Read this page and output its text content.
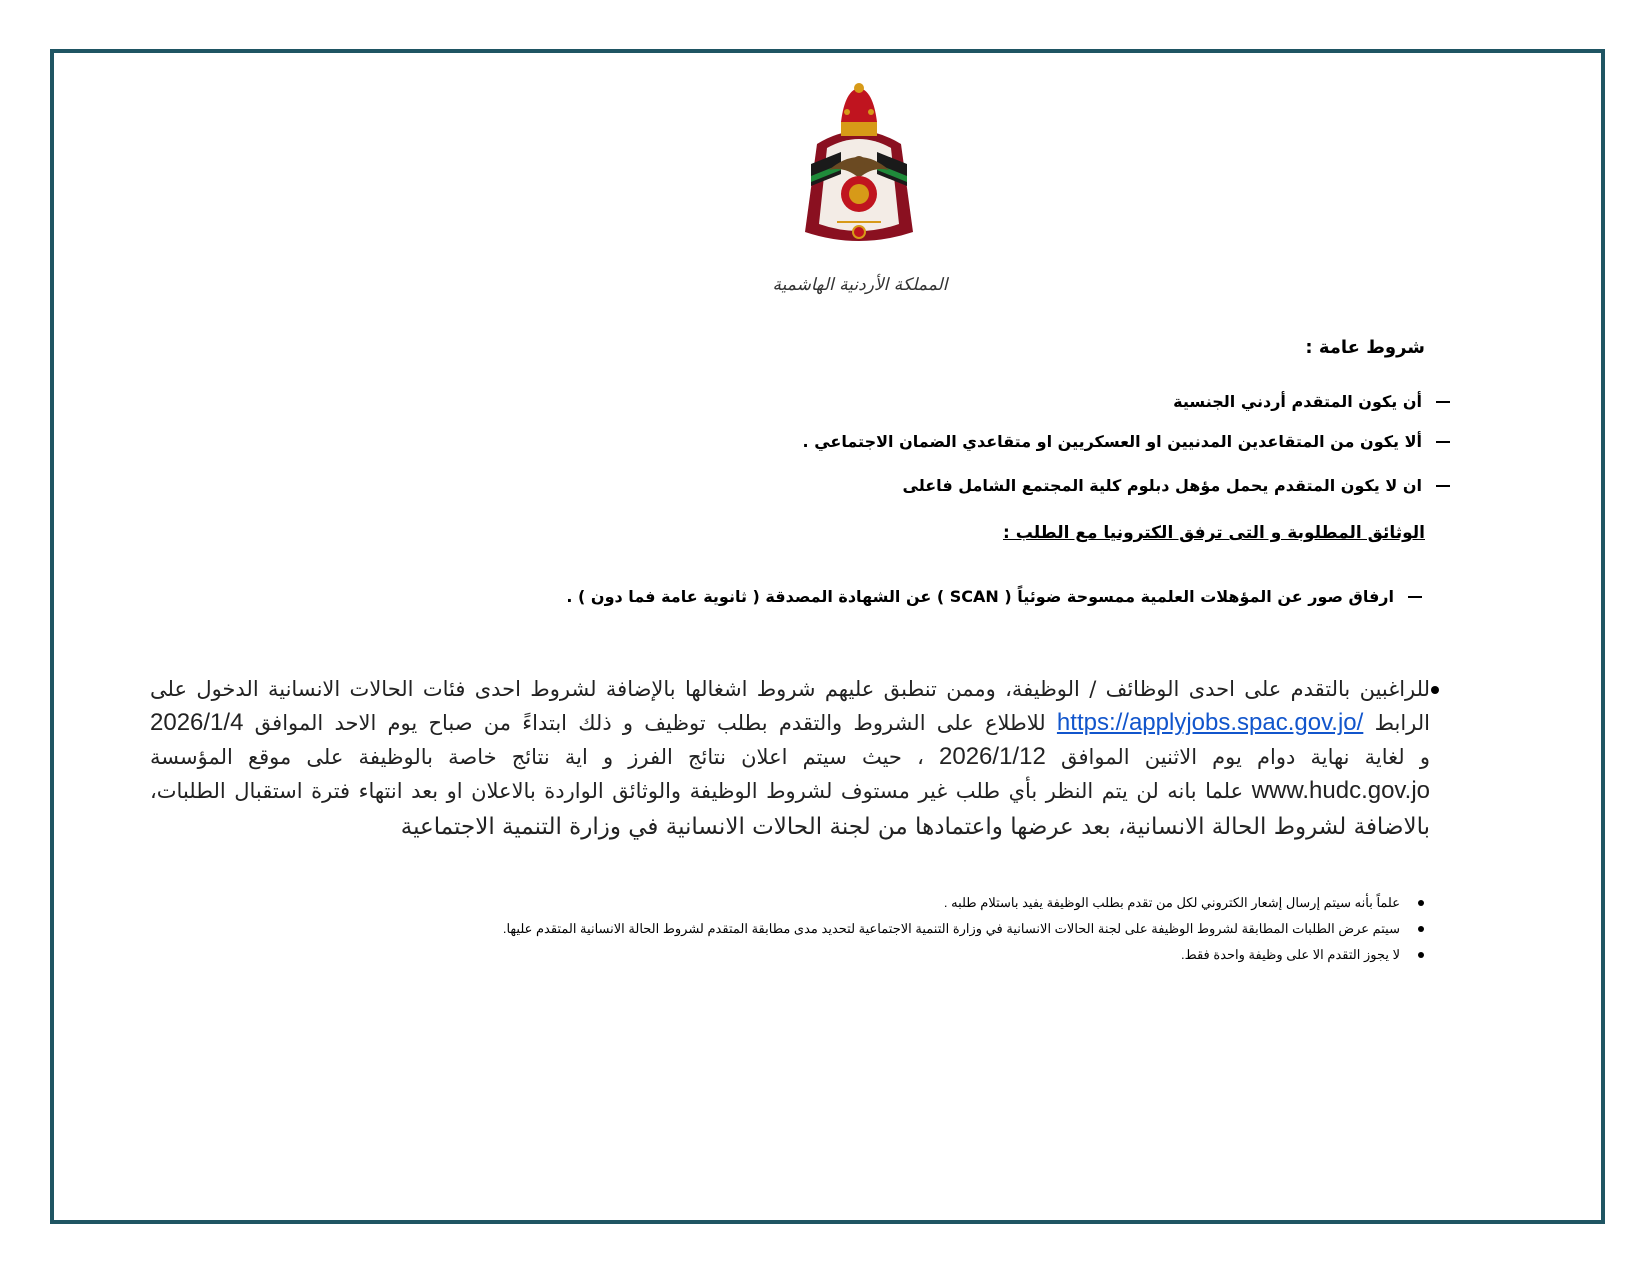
المملكة الأردنية الهاشمية
شروط عامة :
أن يكون المتقدم أردني الجنسية
ألا يكون من المتقاعدين المدنيين او العسكريين او متقاعدي الضمان الاجتماعي .
ان لا يكون المتقدم يحمل مؤهل دبلوم كلية المجتمع الشامل فاعلى
الوثائق المطلوبة و التى ترفق الكترونيا مع الطلب :
ارفاق صور عن المؤهلات العلمية ممسوحة ضوئياً ( SCAN ) عن الشهادة المصدقة ( ثانوية عامة فما دون ) .
للراغبين بالتقدم على احدى الوظائف / الوظيفة، وممن تنطبق عليهم شروط اشغالها بالإضافة لشروط احدى فئات الحالات الانسانية الدخول على
الرابط https://applyjobs.spac.gov.jo/ للاطلاع على الشروط والتقدم بطلب توظيف و ذلك ابتداءً من صباح يوم الاحد الموافق 2026/1/4
و لغاية نهاية دوام يوم الاثنين الموافق 2026/1/12 ، حيث سيتم اعلان نتائج الفرز و اية نتائج خاصة بالوظيفة على موقع المؤسسة
www.hudc.gov.jo علما بانه لن يتم النظر بأي طلب غير مستوف لشروط الوظيفة والوثائق الواردة بالاعلان او بعد انتهاء فترة استقبال الطلبات،
بالاضافة لشروط الحالة الانسانية، بعد عرضها واعتمادها من لجنة الحالات الانسانية في وزارة التنمية الاجتماعية
علماً بأنه سيتم إرسال إشعار الكتروني لكل من تقدم بطلب الوظيفة يفيد باستلام طلبه .
سيتم عرض الطلبات المطابقة لشروط الوظيفة على لجنة الحالات الانسانية في وزارة التنمية الاجتماعية لتحديد مدى مطابقة المتقدم لشروط الحالة الانسانية المتقدم عليها.
لا يجوز التقدم الا على وظيفة واحدة فقط.
